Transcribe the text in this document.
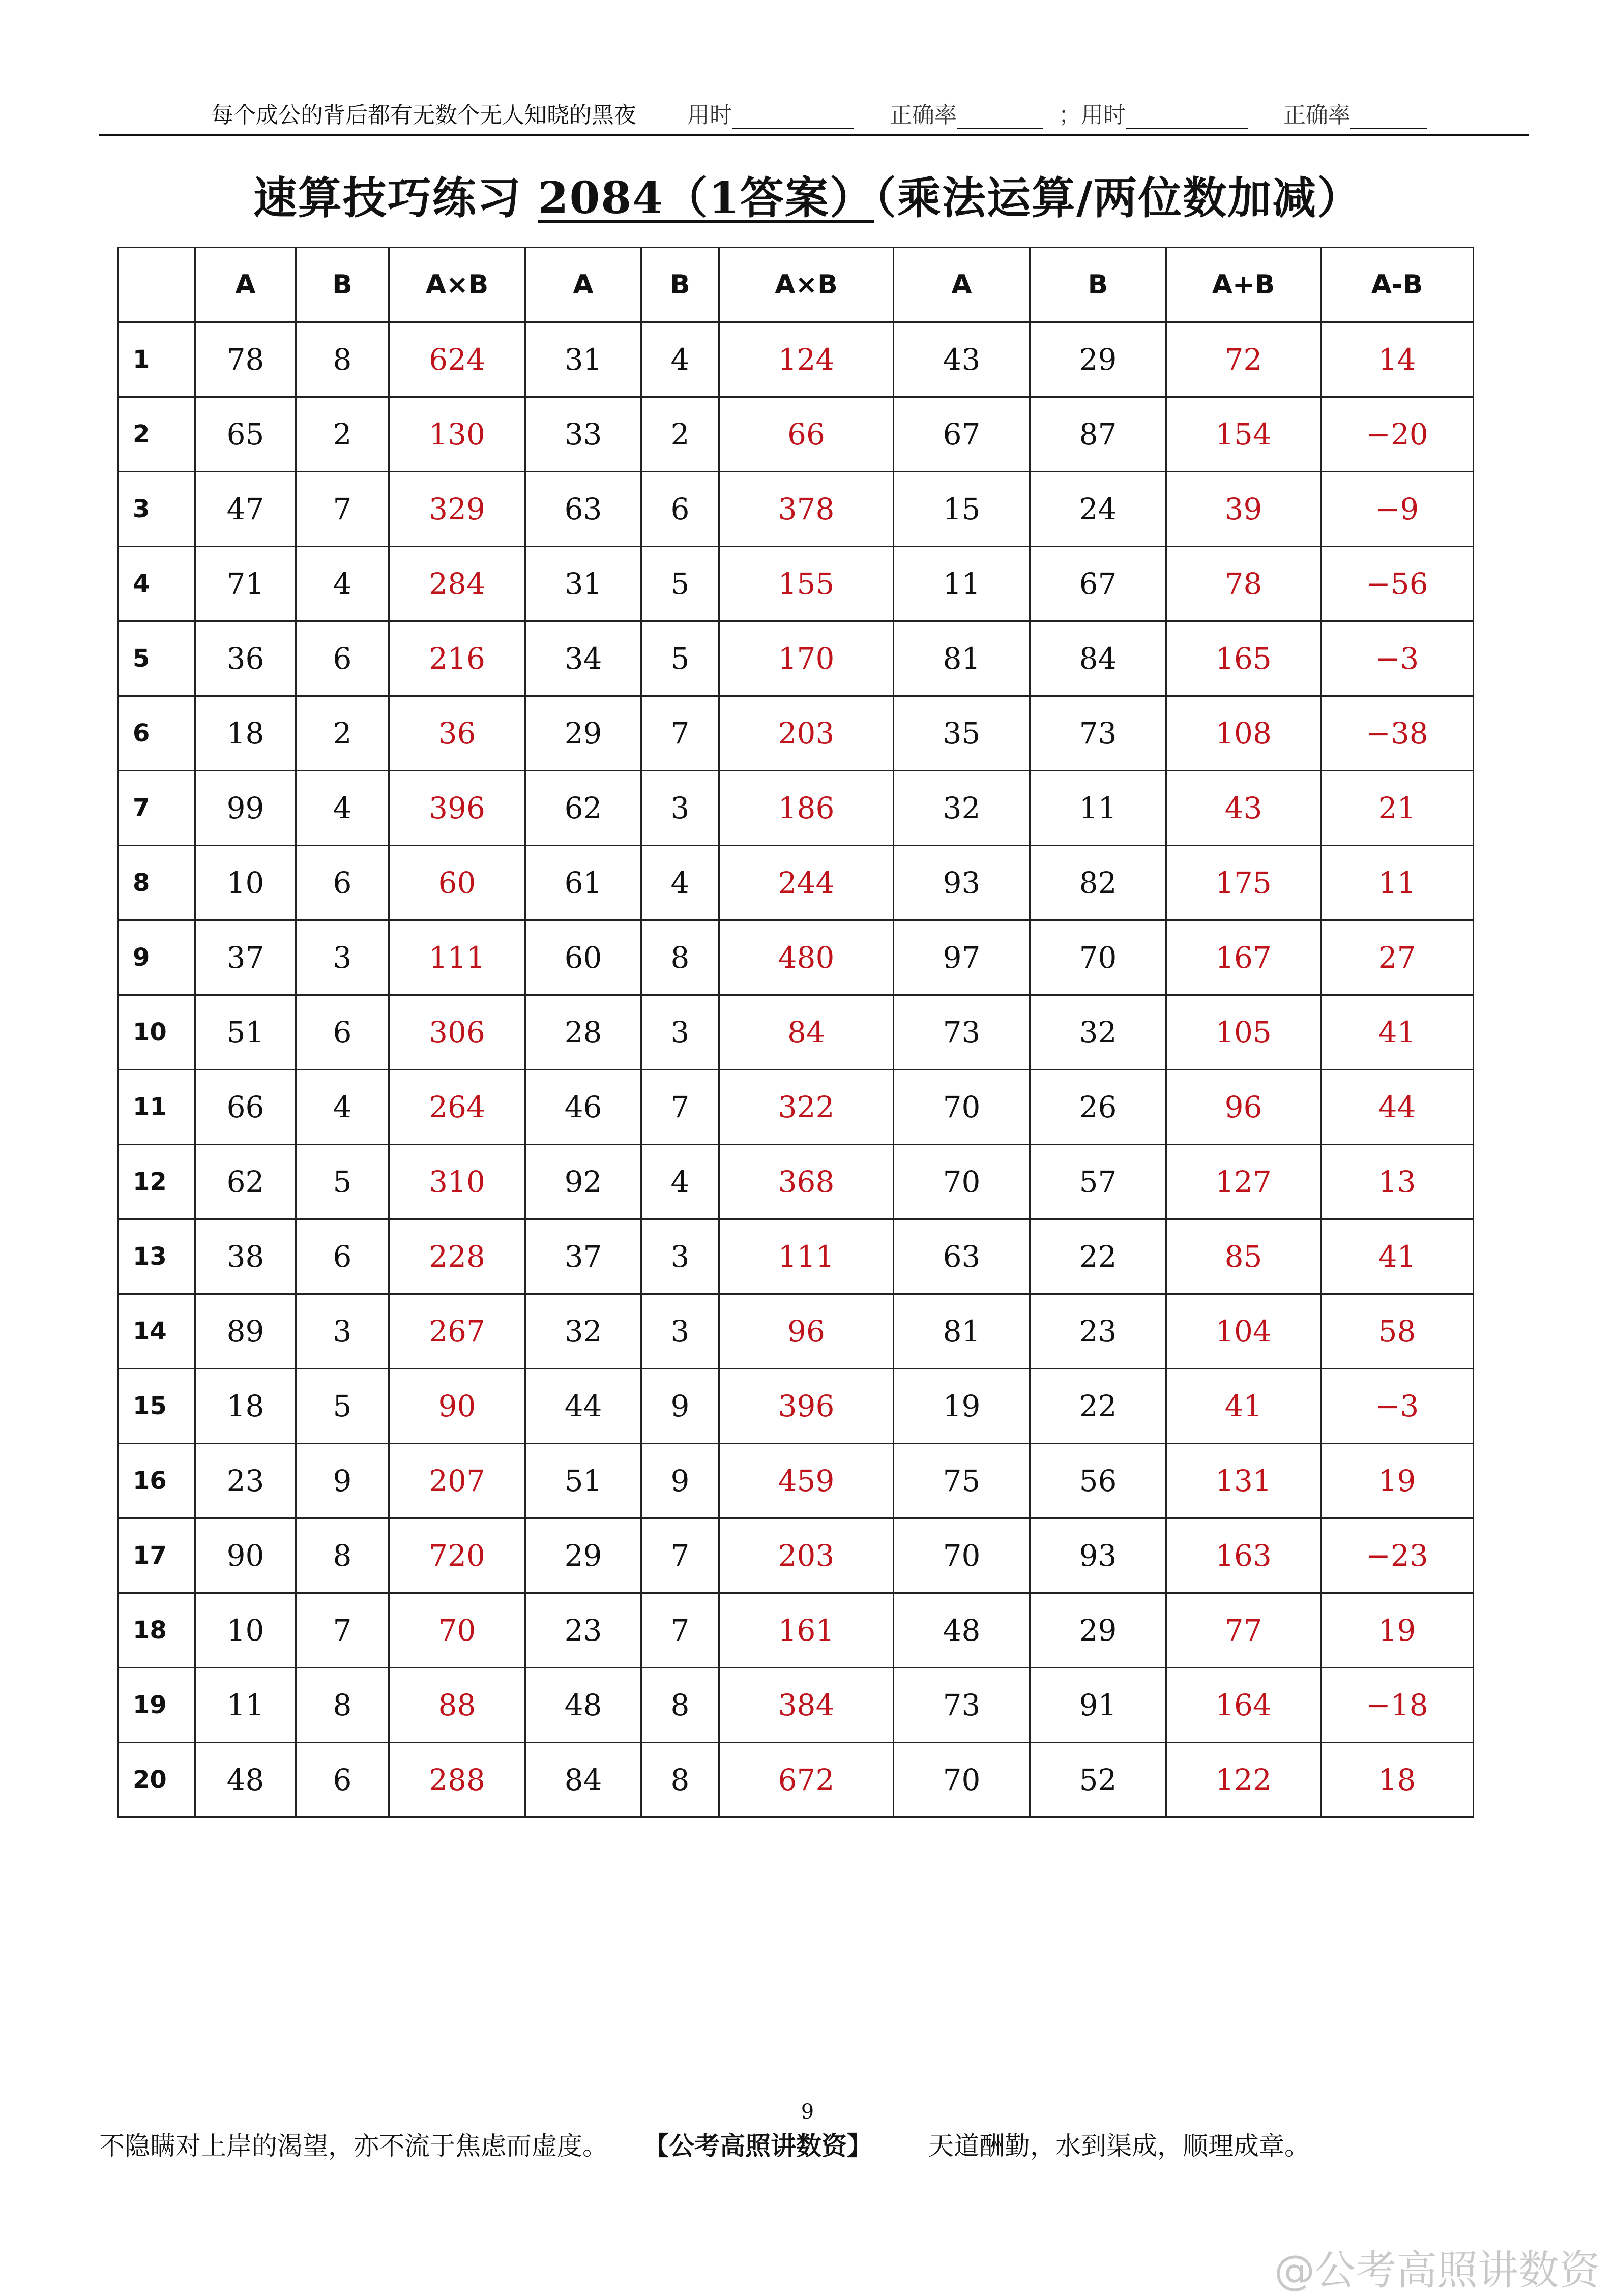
每个成公的背后都有无数个无人知晓的黑夜 用时	正确率	；用时	正确率
速算技巧练习 2084（1答案）（乘法运算/两位数加减）
	A	B	A×B	A	B	A×B	A	B	A+B	A-B
1	78	8	624	31	4	124	43	29	72	14
2	65	2	130	33	2	66	67	87	154	−20
3	47	7	329	63	6	378	15	24	39	−9
4	71	4	284	31	5	155	11	67	78	−56
5	36	6	216	34	5	170	81	84	165	−3
6	18	2	36	29	7	203	35	73	108	−38
7	99	4	396	62	3	186	32	11	43	21
8	10	6	60	61	4	244	93	82	175	11
9	37	3	111	60	8	480	97	70	167	27
10	51	6	306	28	3	84	73	32	105	41
11	66	4	264	46	7	322	70	26	96	44
12	62	5	310	92	4	368	70	57	127	13
13	38	6	228	37	3	111	63	22	85	41
14	89	3	267	32	3	96	81	23	104	58
15	18	5	90	44	9	396	19	22	41	−3
16	23	9	207	51	9	459	75	56	131	19
17	90	8	720	29	7	203	70	93	163	−23
18	10	7	70	23	7	161	48	29	77	19
19	11	8	88	48	8	384	73	91	164	−18
20	48	6	288	84	8	672	70	52	122	18
9
不隐瞒对上岸的渴望，亦不流于焦虑而虚度。 【公考高照讲数资】 天道酬勤，水到渠成，顺理成章。
@公考高照讲数资
